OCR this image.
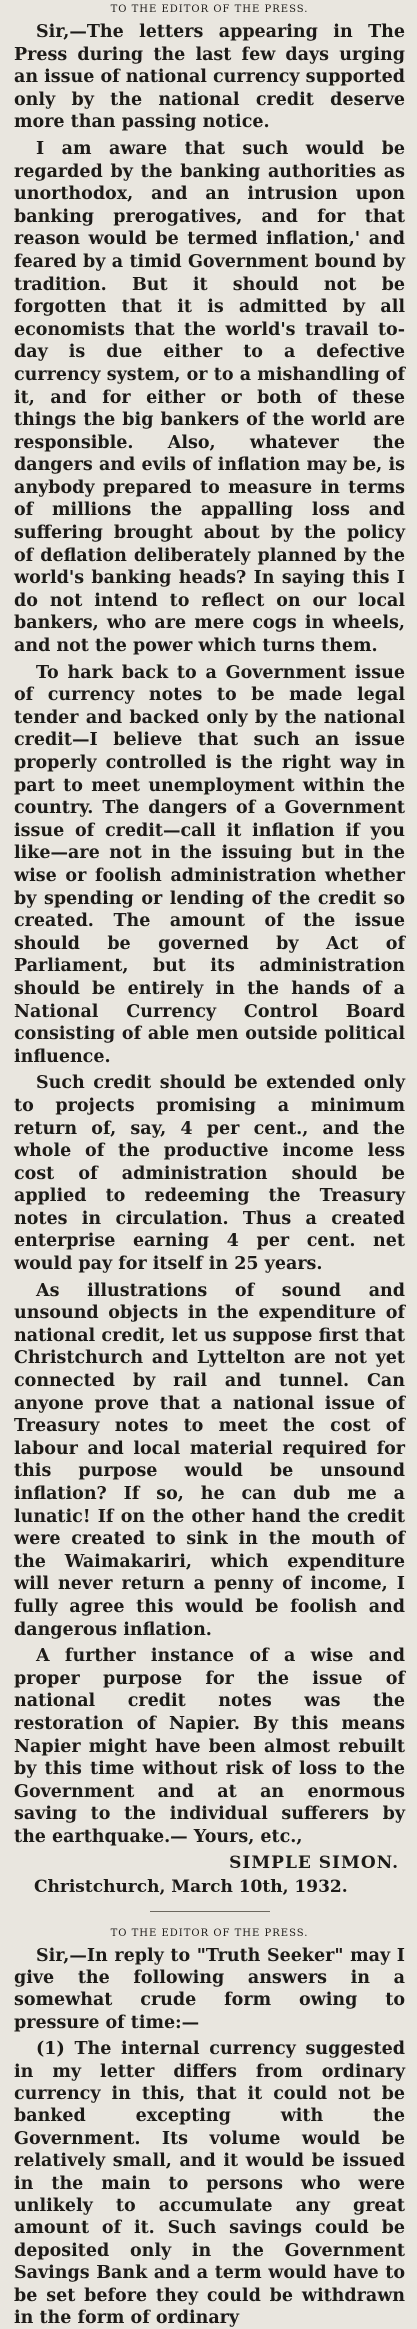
TO THE EDITOR OF THE PRESS.

Sir,—The letters appearing in The Press during the last few days urging an issue of national currency supported only by the national credit deserve more than passing notice.

I am aware that such would be regarded by the banking authorities as unorthodox, and an intrusion upon banking prerogatives, and for that reason would be termed inflation,' and feared by a timid Government bound by tradition. But it should not be forgotten that it is admitted by all economists that the world's travail to-day is due either to a defective currency system, or to a mishandling of it, and for either or both of these things the big bankers of the world are responsible. Also, whatever the dangers and evils of inflation may be, is anybody prepared to measure in terms of millions the appalling loss and suffering brought about by the policy of deflation deliberately planned by the world's banking heads? In saying this I do not intend to reflect on our local bankers, who are mere cogs in wheels, and not the power which turns them.

To hark back to a Government issue of currency notes to be made legal tender and backed only by the national credit—I believe that such an issue properly controlled is the right way in part to meet unemployment within the country. The dangers of a Government issue of credit—call it inflation if you like—are not in the issuing but in the wise or foolish administration whether by spending or lending of the credit so created. The amount of the issue should be governed by Act of Parliament, but its administration should be entirely in the hands of a National Currency Control Board consisting of able men outside political influence.

Such credit should be extended only to projects promising a minimum return of, say, 4 per cent., and the whole of the productive income less cost of administration should be applied to redeeming the Treasury notes in circulation. Thus a created enterprise earning 4 per cent. net would pay for itself in 25 years.

As illustrations of sound and unsound objects in the expenditure of national credit, let us suppose first that Christchurch and Lyttelton are not yet connected by rail and tunnel. Can anyone prove that a national issue of Treasury notes to meet the cost of labour and local material required for this purpose would be unsound inflation? If so, he can dub me a lunatic! If on the other hand the credit were created to sink in the mouth of the Waimakariri, which expenditure will never return a penny of income, I fully agree this would be foolish and dangerous inflation.

A further instance of a wise and proper purpose for the issue of national credit notes was the restoration of Napier. By this means Napier might have been almost rebuilt by this time without risk of loss to the Government and at an enormous saving to the individual sufferers by the earthquake.— Yours, etc.,

SIMPLE SIMON.
Christchurch, March 10th, 1932.
TO THE EDITOR OF THE PRESS.

Sir,—In reply to "Truth Seeker" may I give the following answers in a somewhat crude form owing to pressure of time:—

(1) The internal currency suggested in my letter differs from ordinary currency in this, that it could not be banked excepting with the Government. Its volume would be relatively small, and it would be issued in the main to persons who were unlikely to accumulate any great amount of it. Such savings could be deposited only in the Government Savings Bank and a term would have to be set before they could be withdrawn in the form of ordinary
